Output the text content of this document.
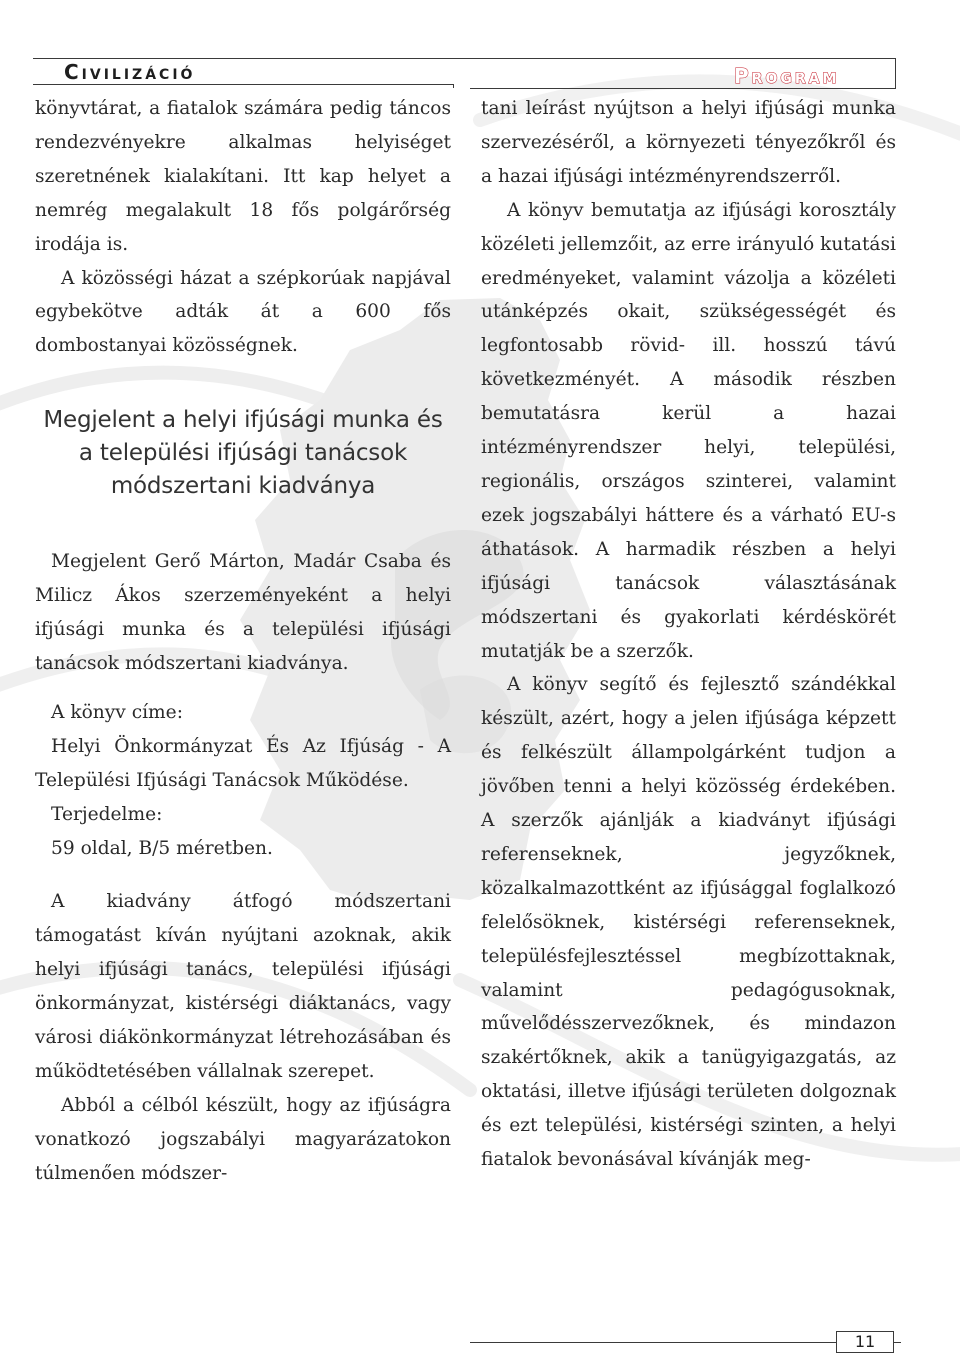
Civilizáció	Program

könyvtárat, a fiatalok számára pedig táncos rendezvényekre alkalmas helyiséget szeretnének kialakítani. Itt kap helyet a nemrég megalakult 18 fős polgárőrség irodája is.

A közösségi házat a szépkorúak napjával egybekötve adták át a 600 fős dombostanyai közösségnek.

Megjelent a helyi ifjúsági munka és a települési ifjúsági tanácsok módszertani kiadványa

Megjelent Gerő Márton, Madár Csaba és Milicz Ákos szerzeményeként a helyi ifjúsági munka és a települési ifjúsági tanácsok módszertani kiadványa.

A könyv címe:

Helyi Önkormányzat És Az Ifjúság - A Települési Ifjúsági Tanácsok Működése.

Terjedelme:

59 oldal, B/5 méretben.

A kiadvány átfogó módszertani támogatást kíván nyújtani azoknak, akik helyi ifjúsági tanács, települési ifjúsági önkormányzat, kistérségi diáktanács, vagy városi diákönkormányzat létrehozásában és működtetésében vállalnak szerepet.

Abból a célból készült, hogy az ifjúságra vonatkozó jogszabályi magyarázatokon túlmenően módszer-

tani leírást nyújtson a helyi ifjúsági munka szervezéséről, a környezeti tényezőkről és a hazai ifjúsági intézményrendszerről.

A könyv bemutatja az ifjúsági korosztály közéleti jellemzőit, az erre irányuló kutatási eredményeket, valamint vázolja a közéleti utánképzés okait, szükségességét és legfontosabb rövid- ill. hosszú távú következményét. A második részben bemutatásra kerül a hazai intézményrendszer helyi, települési, regionális, országos szinterei, valamint ezek jogszabályi háttere és a várható EU-s áthatások. A harmadik részben a helyi ifjúsági tanácsok választásának módszertani és gyakorlati kérdéskörét mutatják be a szerzők.

A könyv segítő és fejlesztő szándékkal készült, azért, hogy a jelen ifjúsága képzett és felkészült állampolgárként tudjon a jövőben tenni a helyi közösség érdekében. A szerzők ajánlják a kiadványt ifjúsági referenseknek, jegyzőknek, közalkalmazottként az ifjúsággal foglalkozó felelősöknek, kistérségi referenseknek, településfejlesztéssel megbízottaknak, valamint pedagógusoknak, művelődésszervezőknek, és mindazon szakértőknek, akik a tanügyigazgatás, az oktatási, illetve ifjúsági területen dolgoznak és ezt települési, kistérségi szinten, a helyi fiatalok bevonásával kívánják meg-

11
